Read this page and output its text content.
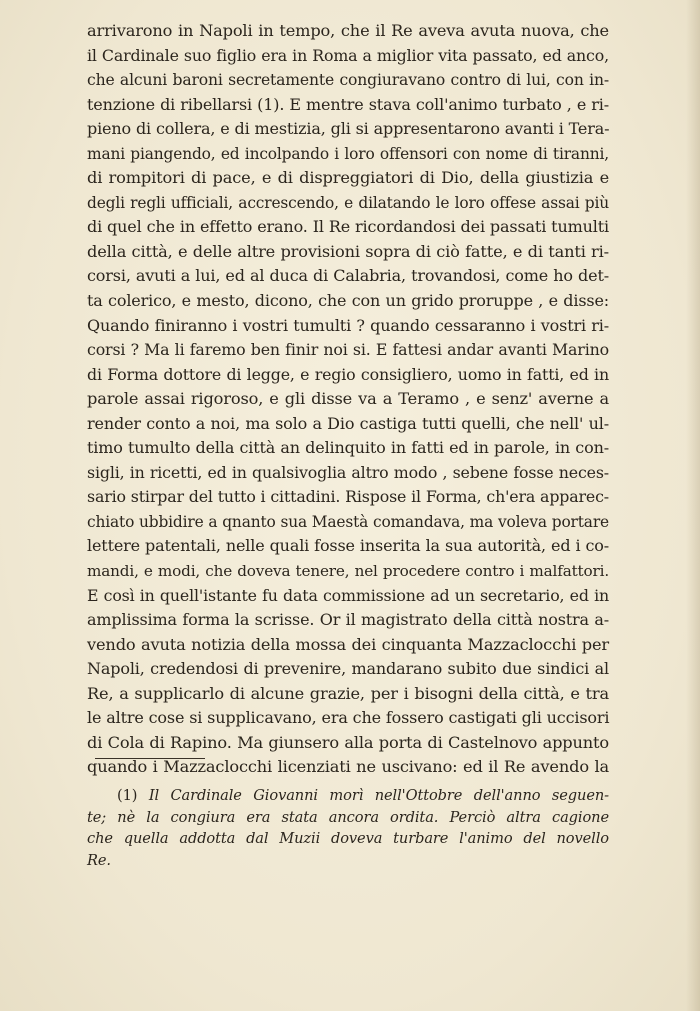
arrivarono in Napoli in tempo, che il Re aveva avuta nuova, che
il Cardinale suo figlio era in Roma a miglior vita passato, ed anco,
che alcuni baroni secretamente congiuravano contro di lui, con in-
tenzione di ribellarsi (1). E mentre stava coll'animo turbato , e ri-
pieno di collera, e di mestizia, gli si appresentarono avanti i Tera-
mani piangendo, ed incolpando i loro offensori con nome di tiranni,
di rompitori di pace, e di dispreggiatori di Dio, della giustizia e
degli regli ufficiali, accrescendo, e dilatando le loro offese assai più
di quel che in effetto erano. Il Re ricordandosi dei passati tumulti
della città, e delle altre provisioni sopra di ciò fatte, e di tanti ri-
corsi, avuti a lui, ed al duca di Calabria, trovandosi, come ho det-
ta colerico, e mesto, dicono, che con un grido proruppe , e disse:
Quando finiranno i vostri tumulti ? quando cessaranno i vostri ri-
corsi ? Ma li faremo ben finir noi si. E fattesi andar avanti Marino
di Forma dottore di legge, e regio consigliero, uomo in fatti, ed in
parole assai rigoroso, e gli disse va a Teramo , e senz' averne a
render conto a noi, ma solo a Dio castiga tutti quelli, che nell' ul-
timo tumulto della città an delinquito in fatti ed in parole, in con-
sigli, in ricetti, ed in qualsivoglia altro modo , sebene fosse neces-
sario stirpar del tutto i cittadini. Rispose il Forma, ch'era apparec-
chiato ubbidire a qnanto sua Maestà comandava, ma voleva portare
lettere patentali, nelle quali fosse inserita la sua autorità, ed i co-
mandi, e modi, che doveva tenere, nel procedere contro i malfattori.
E così in quell'istante fu data commissione ad un secretario, ed in
amplissima forma la scrisse. Or il magistrato della città nostra a-
vendo avuta notizia della mossa dei cinquanta Mazzaclocchi per
Napoli, credendosi di prevenire, mandarano subito due sindici al
Re, a supplicarlo di alcune grazie, per i bisogni della città, e tra
le altre cose si supplicavano, era che fossero castigati gli uccisori
di Cola di Rapino. Ma giunsero alla porta di Castelnovo appunto
quando i Mazzaclocchi licenziati ne uscivano: ed il Re avendo la
(1) Il Cardinale Giovanni morì nell'Ottobre dell'anno seguen-
te; nè la congiura era stata ancora ordita. Perciò altra cagione
che quella addotta dal Muzii doveva turbare l'animo del novello
Re.
